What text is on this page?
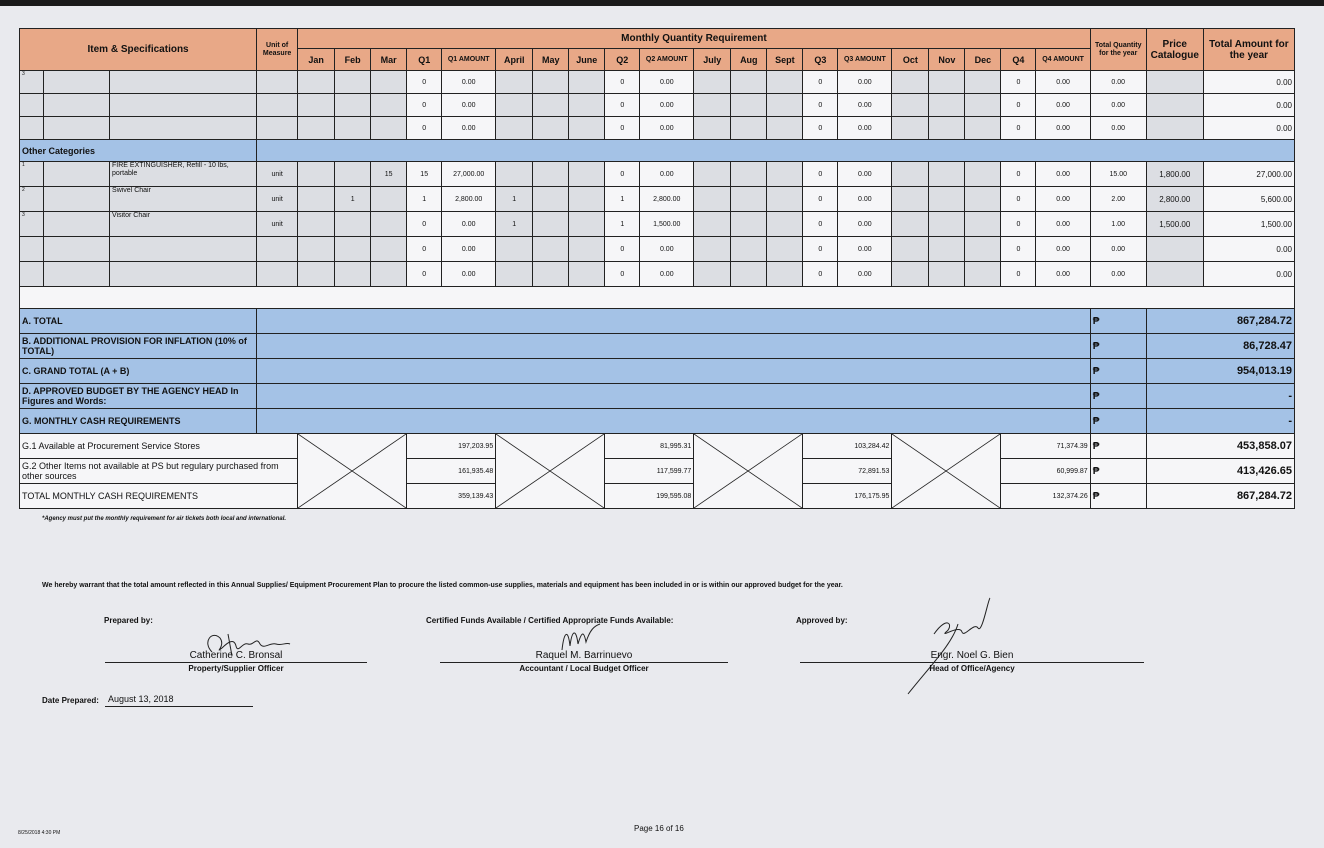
Item & Specifications			Unit of Measure	Monthly Quantity Requirement																				Total Quantity for the year	Price Catalogue	Total Amount for the year
				Jan	Feb	Mar	Q1	Q1 AMOUNT	April	May	June	Q2	Q2 AMOUNT	July	Aug	Sept	Q3	Q3 AMOUNT	Oct	Nov	Dec	Q4	Q4 AMOUNT			
3							0	0.00				0	0.00				0	0.00				0	0.00	0.00		0.00
							0	0.00				0	0.00				0	0.00				0	0.00	0.00		0.00
							0	0.00				0	0.00				0	0.00				0	0.00	0.00		0.00
Other Categories																										
1		FIRE EXTINGUISHER, Refill - 10 lbs, portable	unit			15	15	27,000.00				0	0.00				0	0.00				0	0.00	15.00	1,800.00	27,000.00
2		Swivel Chair	unit		1		1	2,800.00	1			1	2,800.00				0	0.00				0	0.00	2.00	2,800.00	5,600.00
3		Visitor Chair	unit				0	0.00	1			1	1,500.00				0	0.00				0	0.00	1.00	1,500.00	1,500.00
							0	0.00				0	0.00				0	0.00				0	0.00	0.00		0.00
							0	0.00				0	0.00				0	0.00				0	0.00	0.00		0.00

A. TOTAL																								₱	867,284.72	
B. ADDITIONAL PROVISION FOR INFLATION (10% of TOTAL)																								₱	86,728.47	
C. GRAND TOTAL (A + B)																								₱	954,013.19	
D. APPROVED BUDGET BY THE AGENCY HEAD In Figures and Words:																								₱	-	
G. MONTHLY CASH REQUIREMENTS																								₱	-	
G.1 Available at Procurement Service Stores							197,203.95					81,995.31					103,284.42					71,374.39		₱	453,858.07	
G.2 Other Items not available at PS but regulary purchased from other sources							161,935.48					117,599.77					72,891.53					60,999.87		₱	413,426.65	
TOTAL MONTHLY CASH REQUIREMENTS							359,139.43					199,595.08					176,175.95					132,374.26		₱	867,284.72	
*Agency must put the monthly requirement for air tickets both local and international.
We hereby warrant that the total amount reflected in this Annual Supplies/ Equipment Procurement Plan to procure the listed common-use supplies, materials and equipment has been included in or is within our approved budget for the year.
Prepared by:	Certified Funds Available / Certified Appropriate Funds Available:	Approved by:
Catherine C. Bronsal
Property/Supplier Officer
Raquel M. Barrinuevo
Accountant / Local Budget Officer
Engr. Noel G. Bien
Head of Office/Agency
Date Prepared: August 13, 2018
Page 16 of 16
8/25/2018 4:30 PM
